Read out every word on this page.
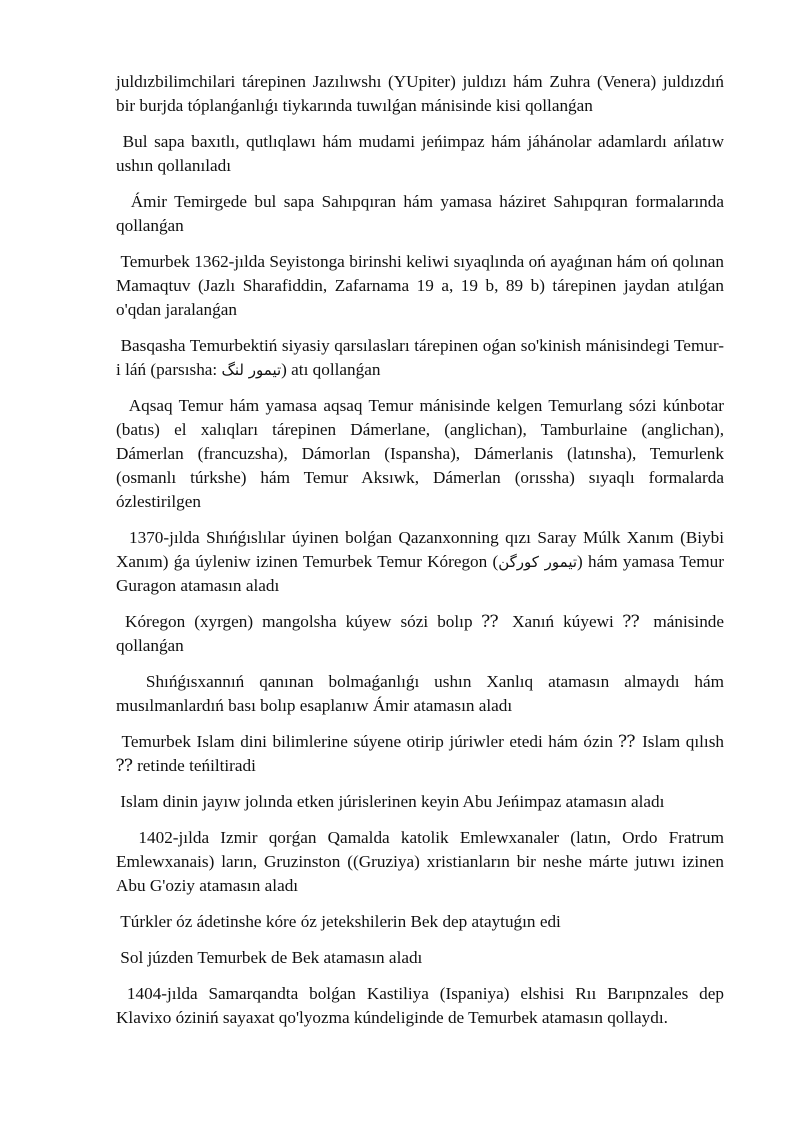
juldızbilimchilari tárepinen Jazılıwshı (YUpiter) juldızı hám Zuhra (Venera) juldızdıń bir burjda tóplanǵanlıǵı tiykarında tuwılǵan mánisinde kisi qollanǵan

Bul sapa baxıtlı, qutlıqlawı hám mudami jeńimpaz hám jáhánolar adamlardı ańlatıw ushın qollanıladı

Ámir Temirgede bul sapa Sahıpqıran hám yamasa háziret Sahıpqıran formalarında qollanǵan

Temurbek 1362-jılda Seyistonga birinshi keliwi sıyaqlında oń ayaǵınan hám oń qolınan Mamaqtuv (Jazlı Sharafiddin, Zafarnama 19 a, 19 b, 89 b) tárepinen jaydan atılǵan o'qdan jaralanǵan

Basqasha Temurbektiń siyasiy qarsılasları tárepinen oǵan so'kinish mánisindegi Temur-i láń (parsısha: تیمور لنگ) atı qollanǵan

Aqsaq Temur hám yamasa aqsaq Temur mánisinde kelgen Temurlang sózi kúnbotar (batıs) el xalıqları tárepinen Dámerlane, (anglichan), Tamburlaine (anglichan), Dámerlan (francuzsha), Dámorlan (Ispansha), Dámerlanis (latınsha), Temurlenk (osmanlı túrkshe) hám Temur Aksıwk, Dámerlan (orıssha) sıyaqlı formalarda ózlestirilgen

1370-jılda Shıńǵıslılar úyinen bolǵan Qazanxonning qızı Saray Múlk Xanım (Biybi Xanım) ǵa úyleniw izinen Temurbek Temur Kóregon (تیمور کورگن) hám yamasa Temur Guragon atamasın aladı

Kóregon (xyrgen) mangolsha kúyew sózi bolıp ⁇ Xanıń kúyewi ⁇ mánisinde qollanǵan

Shıńǵısxannıń qanınan bolmaǵanlıǵı ushın Xanlıq atamasın almaydı hám musılmanlardıń bası bolıp esaplanıw Ámir atamasın aladı

Temurbek Islam dini bilimlerine súyene otirip júriwler etedi hám ózin ⁇ Islam qılısh ⁇ retinde teńiltiradi

Islam dinin jayıw jolında etken júrislerinen keyin Abu Jeńimpaz atamasın aladı

1402-jılda Izmir qorǵan Qamalda katolik Emlewxanaler (latın, Ordo Fratrum Emlewxanais) ların, Gruzinston ((Gruziya) xristianların bir neshe márte jutıwı izinen Abu G'oziy atamasın aladı

Túrkler óz ádetinshe kóre óz jetekshilerin Bek dep ataytuǵın edi

Sol júzden Temurbek de Bek atamasın aladı

1404-jılda Samarqandta bolǵan Kastiliya (Ispaniya) elshisi Rıı Barıpnzales dep Klavixo óziniń sayaxat qo'lyozma kúndeliginde de Temurbek atamasın qollaydı.
